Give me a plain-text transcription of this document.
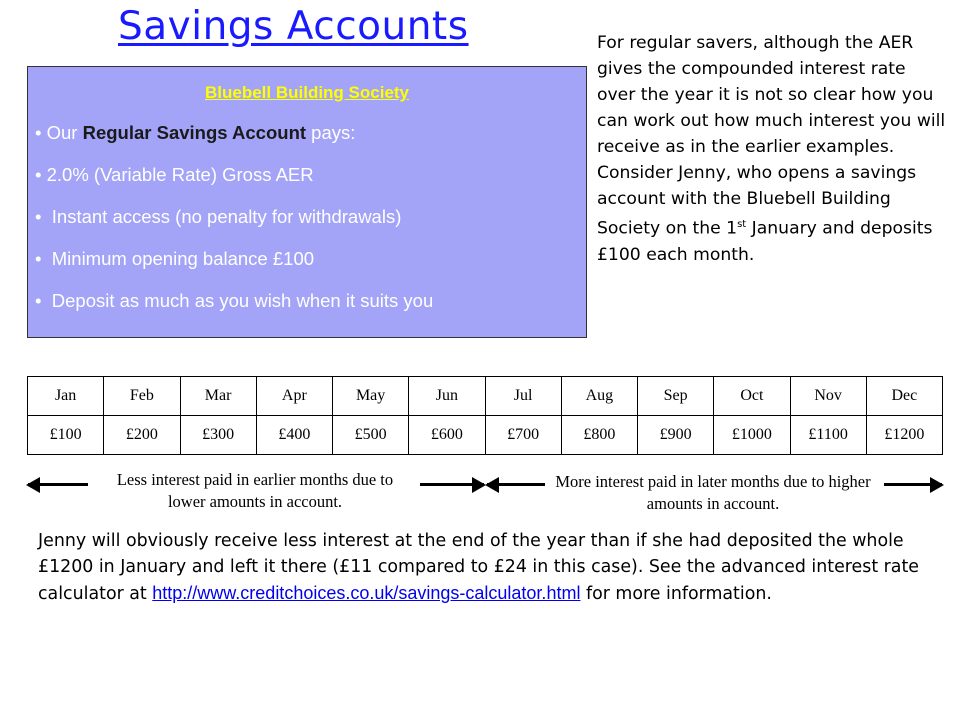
Savings Accounts
Bluebell Building Society
• Our Regular Savings Account pays:
• 2.0% (Variable Rate) Gross AER
•  Instant access (no penalty for withdrawals)
•  Minimum opening balance £100
•  Deposit as much as you wish when it suits you
For regular savers, although the AER gives the compounded interest rate over the year it is not so clear how you can work out how much interest you will receive as in the earlier examples. Consider Jenny, who opens a savings account with the Bluebell Building Society on the 1st January and deposits £100 each month.
Jan	Feb	Mar	Apr	May	Jun	Jul	Aug	Sep	Oct	Nov	Dec
£100	£200	£300	£400	£500	£600	£700	£800	£900	£1000	£1100	£1200
Less interest paid in earlier months due to lower amounts in account.
More interest paid in later months due to higher amounts in account.

Jenny will obviously receive less interest at the end of the year than if she had deposited the whole £1200 in January and left it there (£11 compared to £24 in this case). See the advanced interest rate calculator at http://www.creditchoices.co.uk/savings-calculator.html for more information.
